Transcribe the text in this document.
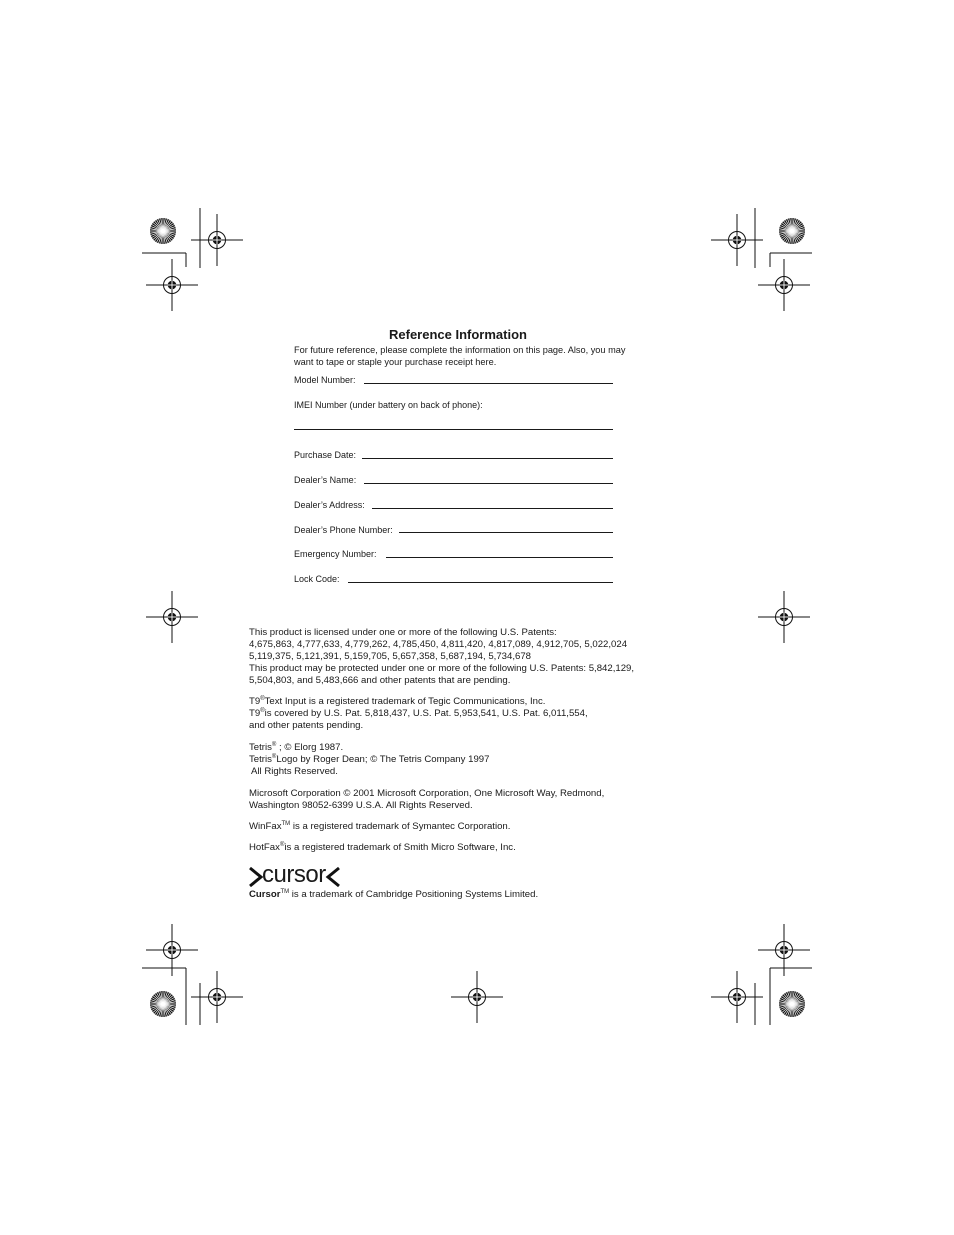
Reference Information
For future reference, please complete the information on this page. Also, you may
want to tape or staple your purchase receipt here.
Model Number:
IMEI Number (under battery on back of phone):
Purchase Date:
Dealer’s Name:
Dealer’s Address:
Dealer’s Phone Number:
Emergency Number:
Lock Code:
This product is licensed under one or more of the following U.S. Patents:
4,675,863, 4,777,633, 4,779,262, 4,785,450, 4,811,420, 4,817,089, 4,912,705, 5,022,024
5,119,375, 5,121,391, 5,159,705, 5,657,358, 5,687,194, 5,734,678
This product may be protected under one or more of the following U.S. Patents: 5,842,129,
5,504,803, and 5,483,666 and other patents that are pending.
T9®Text Input is a registered trademark of Tegic Communications, Inc.
T9®is covered by U.S. Pat. 5,818,437, U.S. Pat. 5,953,541, U.S. Pat. 6,011,554,
and other patents pending.
Tetris® ; © Elorg 1987.
Tetris®Logo by Roger Dean; © The Tetris Company 1997
All Rights Reserved.
Microsoft Corporation © 2001 Microsoft Corporation, One Microsoft Way, Redmond,
Washington 98052-6399 U.S.A. All Rights Reserved.
WinFax™ is a registered trademark of Symantec Corporation.
HotFax®is a registered trademark of Smith Micro Software, Inc.
cursor
Cursor™ is a trademark of Cambridge Positioning Systems Limited.
